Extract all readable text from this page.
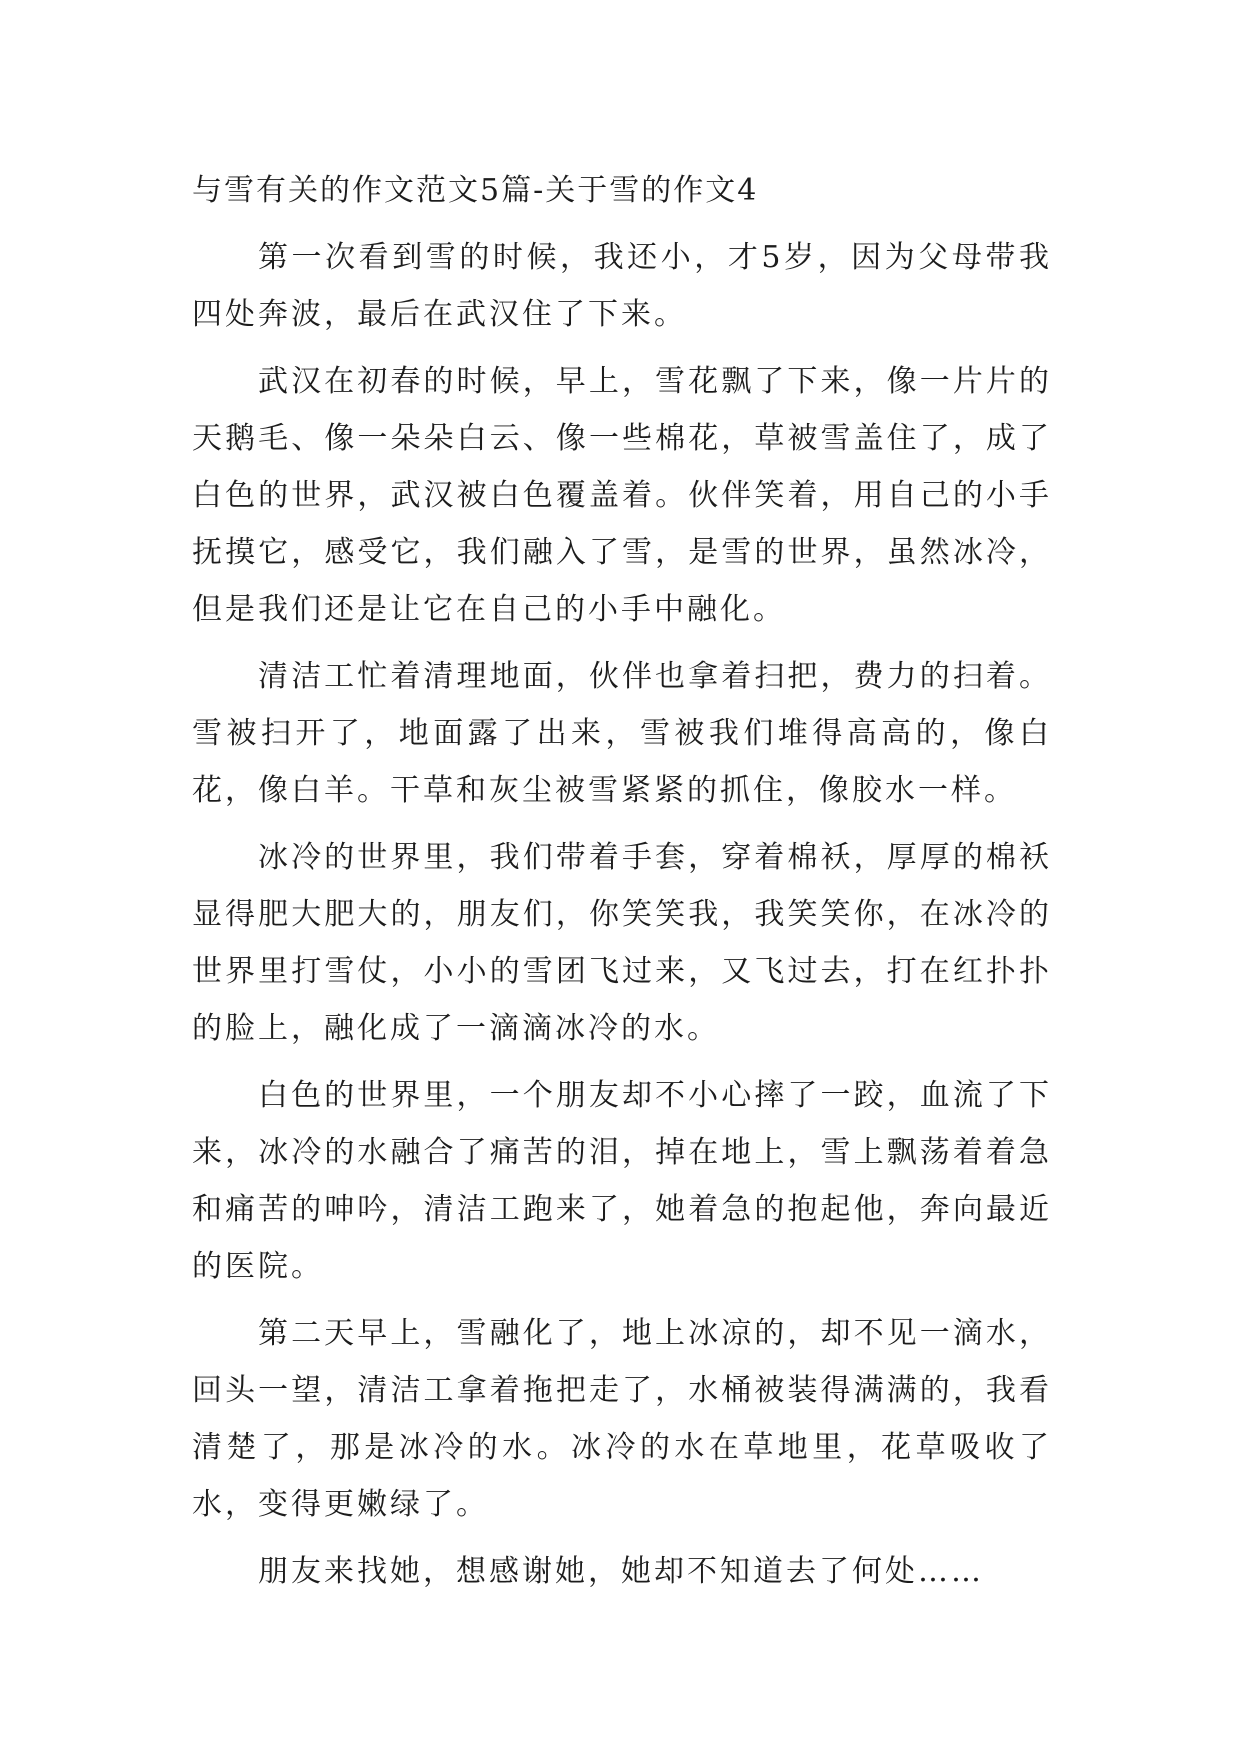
与雪有关的作文范文5篇-关于雪的作文4

第一次看到雪的时候，我还小，才5岁，因为父母带我四处奔波，最后在武汉住了下来。

武汉在初春的时候，早上，雪花飘了下来，像一片片的天鹅毛、像一朵朵白云、像一些棉花，草被雪盖住了，成了白色的世界，武汉被白色覆盖着。伙伴笑着，用自己的小手抚摸它，感受它，我们融入了雪，是雪的世界，虽然冰冷，但是我们还是让它在自己的小手中融化。

清洁工忙着清理地面，伙伴也拿着扫把，费力的扫着。雪被扫开了，地面露了出来，雪被我们堆得高高的，像白花，像白羊。干草和灰尘被雪紧紧的抓住，像胶水一样。

冰冷的世界里，我们带着手套，穿着棉袄，厚厚的棉袄显得肥大肥大的，朋友们，你笑笑我，我笑笑你，在冰冷的世界里打雪仗，小小的雪团飞过来，又飞过去，打在红扑扑的脸上，融化成了一滴滴冰冷的水。

白色的世界里，一个朋友却不小心摔了一跤，血流了下来，冰冷的水融合了痛苦的泪，掉在地上，雪上飘荡着着急和痛苦的呻吟，清洁工跑来了，她着急的抱起他，奔向最近的医院。

第二天早上，雪融化了，地上冰凉的，却不见一滴水，回头一望，清洁工拿着拖把走了，水桶被装得满满的，我看清楚了，那是冰冷的水。冰冷的水在草地里，花草吸收了水，变得更嫩绿了。

朋友来找她，想感谢她，她却不知道去了何处……
